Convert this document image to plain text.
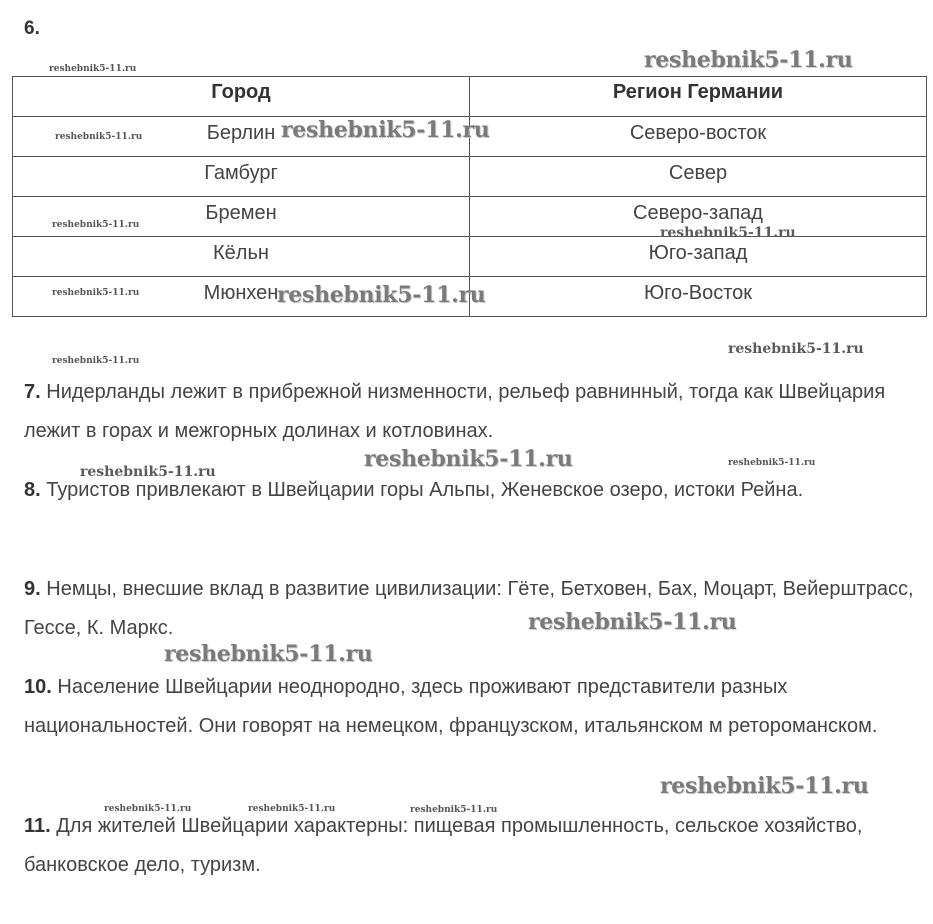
6.
Город	Регион Германии
Берлин	Северо-восток
Гамбург	Север
Бремен	Северо-запад
Кёльн	Юго-запад
Мюнхен	Юго-Восток
7. Нидерланды лежит в прибрежной низменности, рельеф равнинный, тогда как Швейцария лежит в горах и межгорных долинах и котловинах.
8. Туристов привлекают в Швейцарии горы Альпы, Женевское озеро, истоки Рейна.
9. Немцы, внесшие вклад в развитие цивилизации: Гёте, Бетховен, Бах, Моцарт, Вейерштрасс, Гессе, К. Маркс.
10. Население Швейцарии неоднородно, здесь проживают представители разных национальностей. Они говорят на немецком, французском, итальянском м ретороманском.
11. Для жителей Швейцарии характерны: пищевая промышленность, сельское хозяйство, банковское дело, туризм.
reshebnik5-11.ru
reshebnik5-11.ru
reshebnik5-11.ru
reshebnik5-11.ru
reshebnik5-11.ru	reshebnik5-11.ru
reshebnik5-11.ru
reshebnik5-11.ru
reshebnik5-11.ru
reshebnik5-11.ru
reshebnik5-11.ru
reshebnik5-11.ru
reshebnik5-11.ru
reshebnik5-11.ru
reshebnik5-11.ru
reshebnik5-11.ru
reshebnik5-11.ru	reshebnik5-11.ru	reshebnik5-11.ru
